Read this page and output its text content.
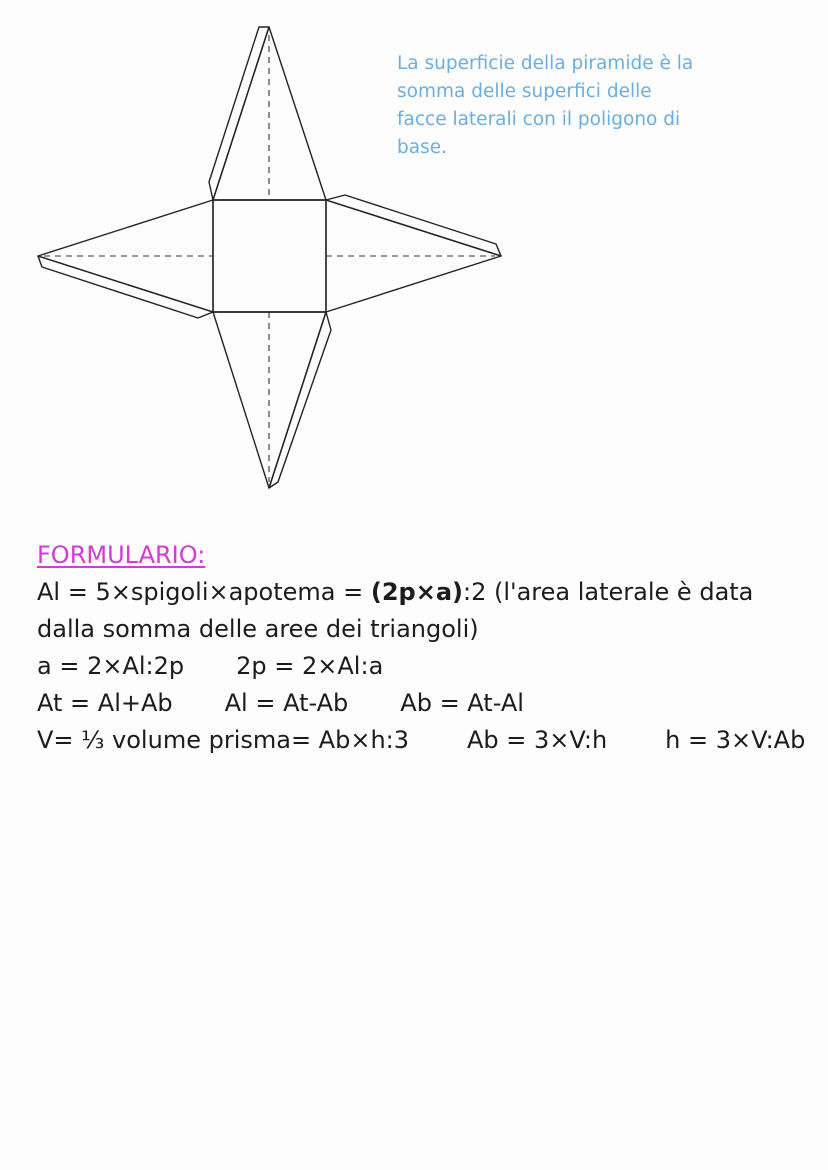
La superficie della piramide è la somma delle superfici delle facce laterali con il poligono di base.
FORMULARIO:
Al = 5×spigoli×apotema = (2p×a):2 (l'area laterale è data dalla somma delle aree dei triangoli)
a = 2×Al:2p 2p = 2×Al:a
At = Al+Ab Al = At-Ab Ab = At-Al
V= ⅓ volume prisma= Ab×h:3 Ab = 3×V:h h = 3×V:Ab
